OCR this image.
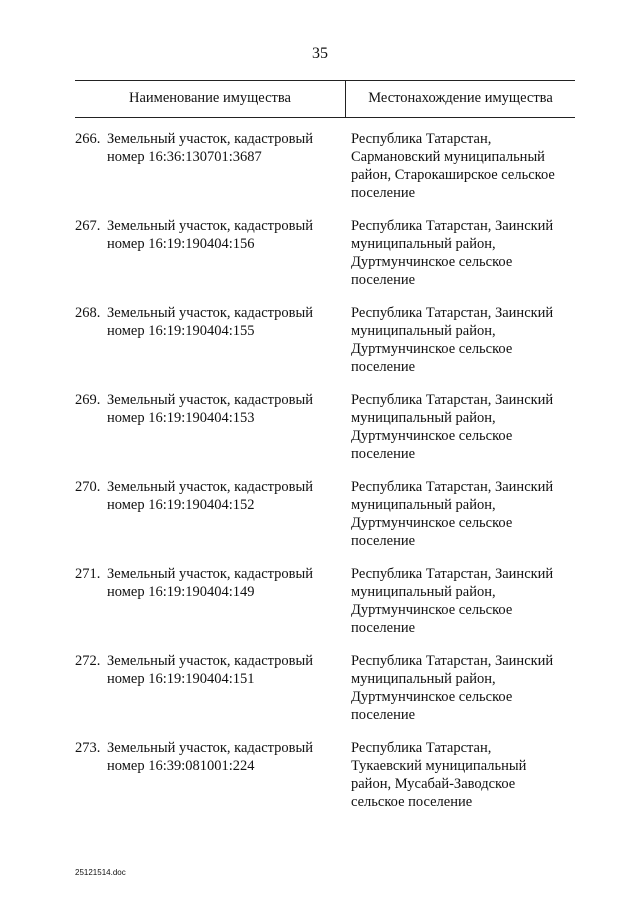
35
Наименование имущества	Местонахождение имущества
266. Земельный участок, кадастровый
номер 16:36:130701:3687
Республика Татарстан,
Сармановский муниципальный
район, Старокаширское сельское
поселение
267. Земельный участок, кадастровый
номер 16:19:190404:156
Республика Татарстан, Заинский
муниципальный район,
Дуртмунчинское сельское
поселение
268. Земельный участок, кадастровый
номер 16:19:190404:155
Республика Татарстан, Заинский
муниципальный район,
Дуртмунчинское сельское
поселение
269. Земельный участок, кадастровый
номер 16:19:190404:153
Республика Татарстан, Заинский
муниципальный район,
Дуртмунчинское сельское
поселение
270. Земельный участок, кадастровый
номер 16:19:190404:152
Республика Татарстан, Заинский
муниципальный район,
Дуртмунчинское сельское
поселение
271. Земельный участок, кадастровый
номер 16:19:190404:149
Республика Татарстан, Заинский
муниципальный район,
Дуртмунчинское сельское
поселение
272. Земельный участок, кадастровый
номер 16:19:190404:151
Республика Татарстан, Заинский
муниципальный район,
Дуртмунчинское сельское
поселение
273. Земельный участок, кадастровый
номер 16:39:081001:224
Республика Татарстан,
Тукаевский муниципальный
район, Мусабай-Заводское
сельское поселение
25121514.doc
